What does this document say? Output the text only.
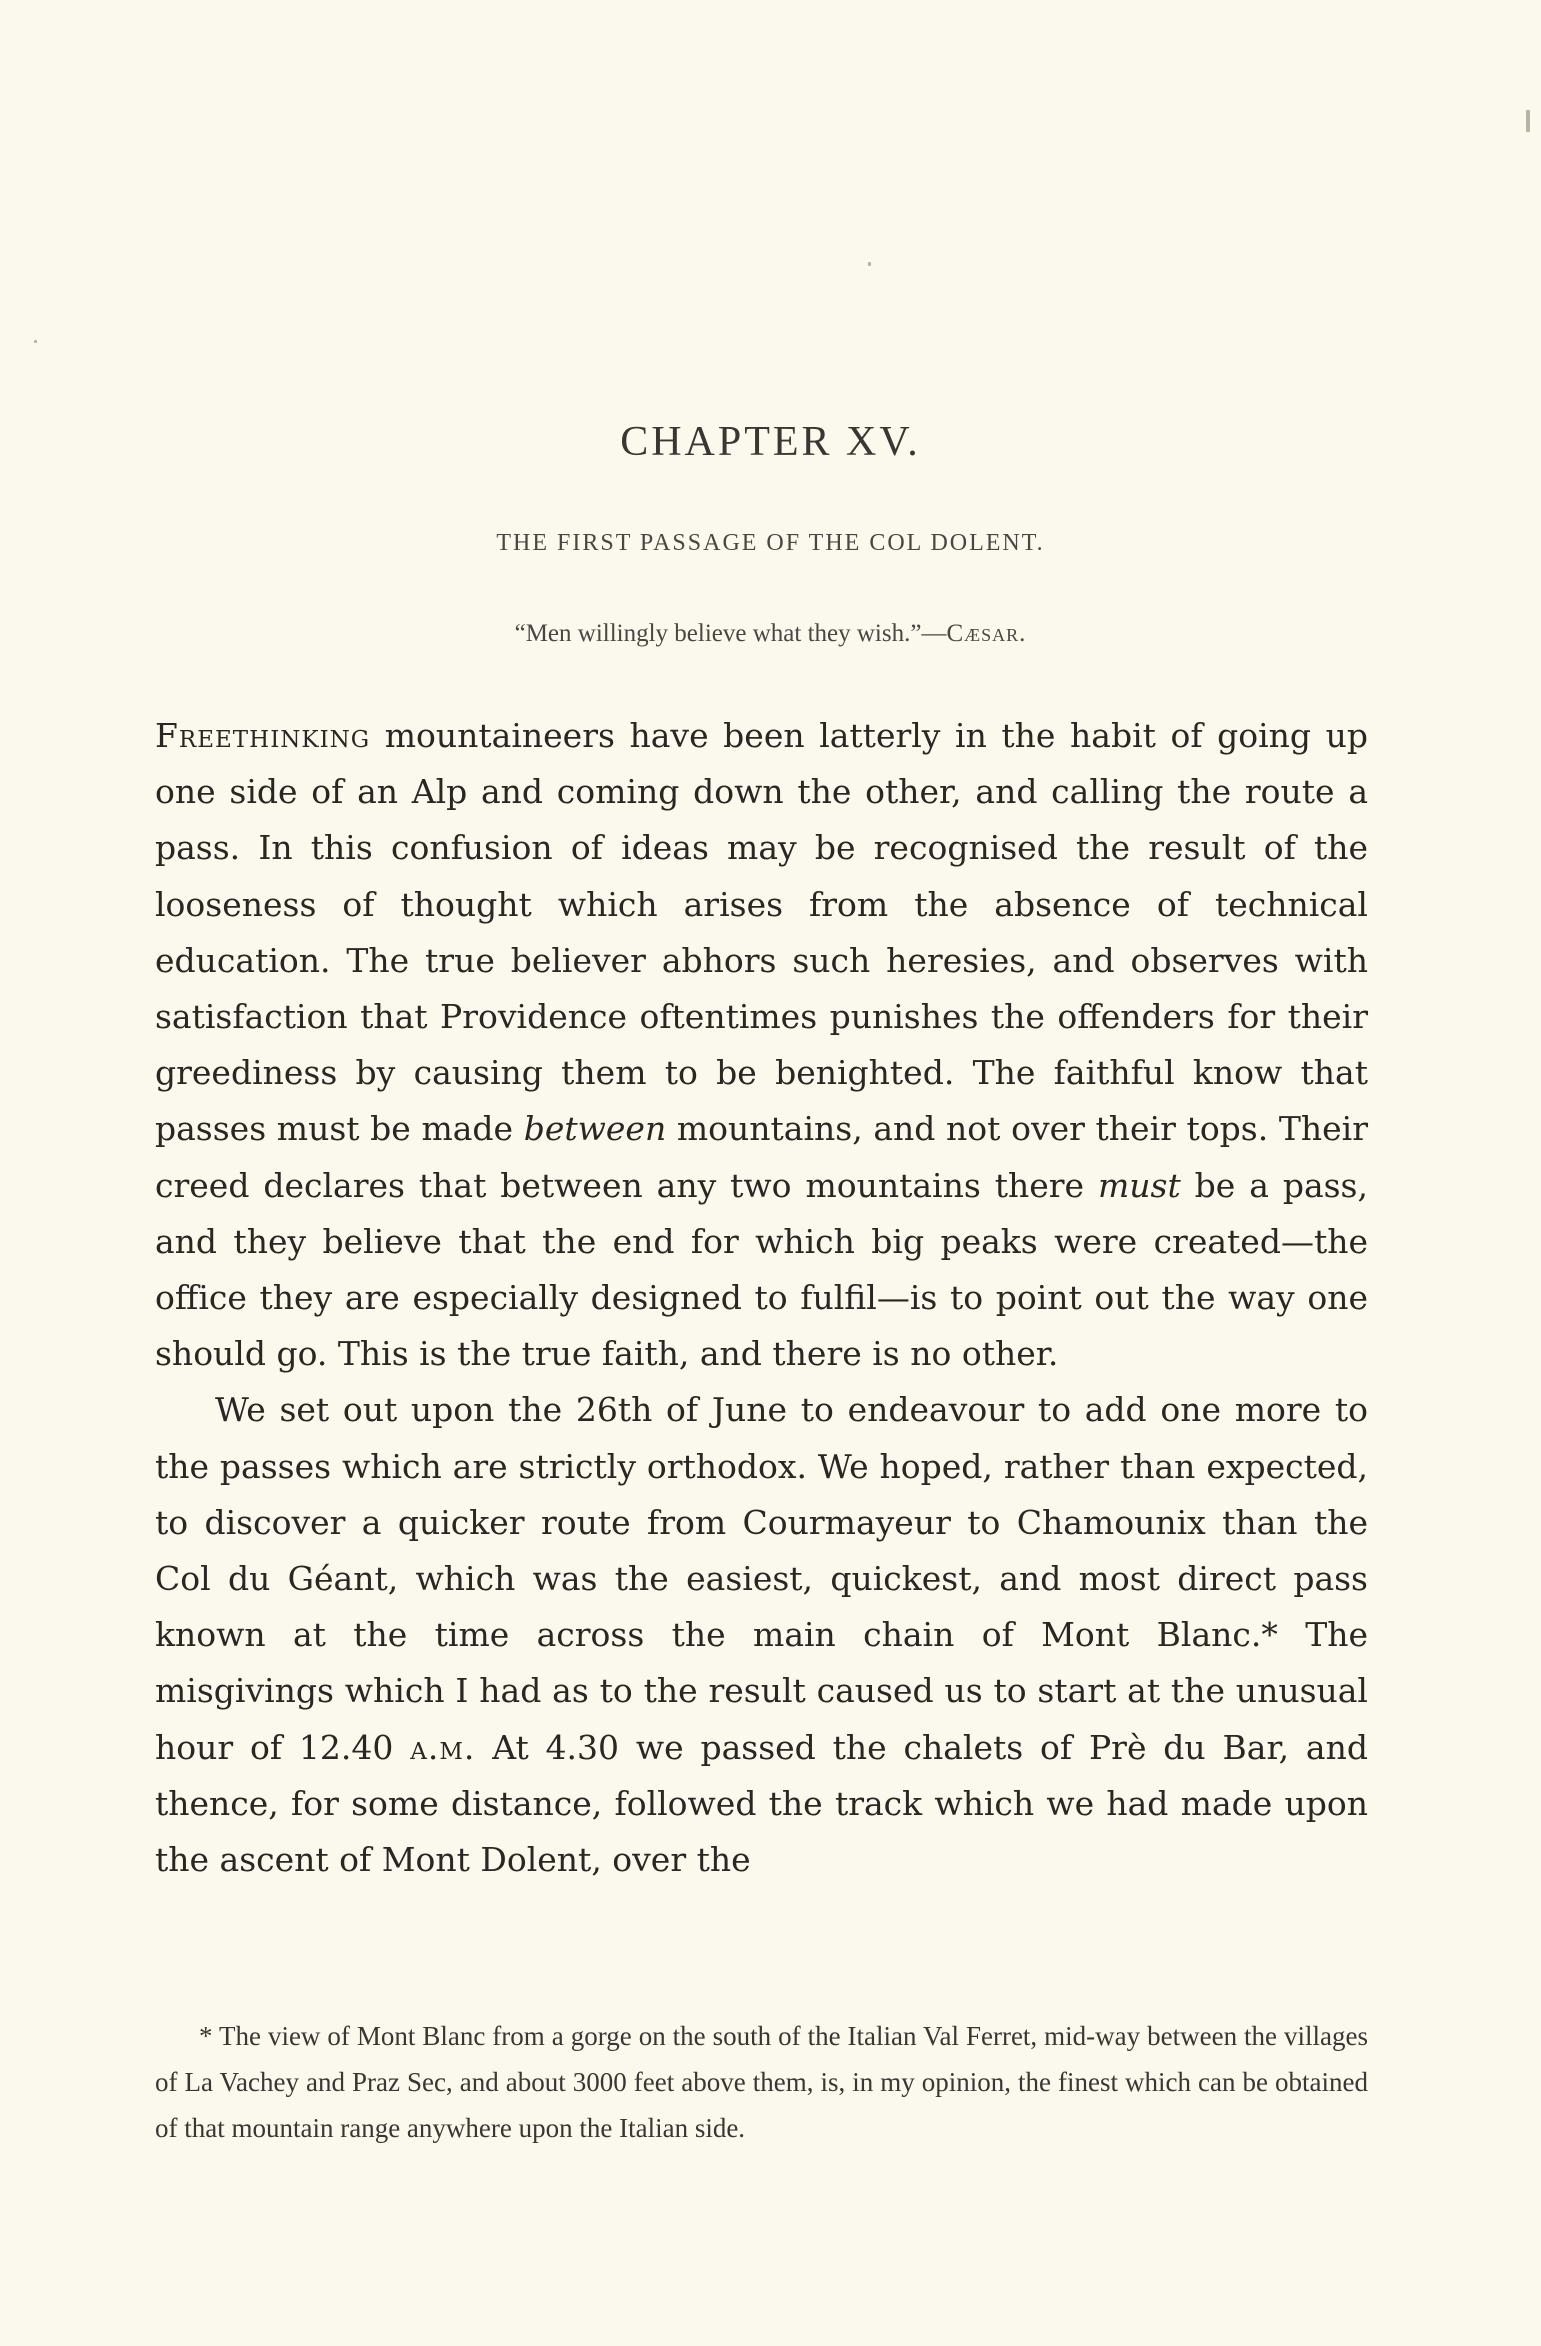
CHAPTER XV.
THE FIRST PASSAGE OF THE COL DOLENT.

“Men willingly believe what they wish.”—Cæsar.

Freethinking mountaineers have been latterly in the habit of going up one side of an Alp and coming down the other, and calling the route a pass. In this confusion of ideas may be recognised the result of the looseness of thought which arises from the absence of technical education. The true believer abhors such heresies, and observes with satisfaction that Providence oftentimes punishes the offenders for their greediness by causing them to be benighted. The faithful know that passes must be made between mountains, and not over their tops. Their creed declares that between any two mountains there must be a pass, and they believe that the end for which big peaks were created—the office they are especially designed to fulfil—is to point out the way one should go. This is the true faith, and there is no other.

We set out upon the 26th of June to endeavour to add one more to the passes which are strictly orthodox. We hoped, rather than expected, to discover a quicker route from Courmayeur to Chamounix than the Col du Géant, which was the easiest, quickest, and most direct pass known at the time across the main chain of Mont Blanc.* The misgivings which I had as to the result caused us to start at the unusual hour of 12.40 a.m. At 4.30 we passed the chalets of Prè du Bar, and thence, for some distance, followed the track which we had made upon the ascent of Mont Dolent, over the

* The view of Mont Blanc from a gorge on the south of the Italian Val Ferret, mid-way between the villages of La Vachey and Praz Sec, and about 3000 feet above them, is, in my opinion, the finest which can be obtained of that mountain range anywhere upon the Italian side.
